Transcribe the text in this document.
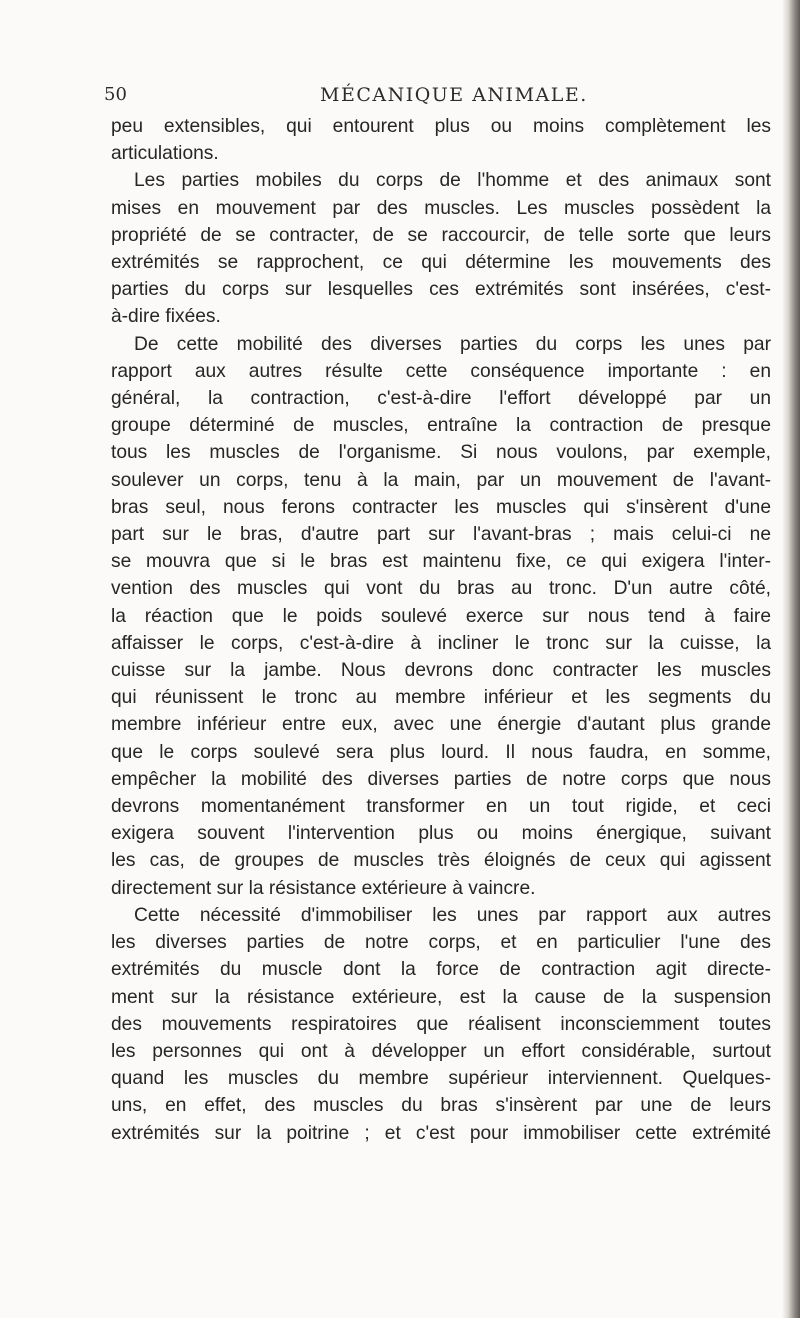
50	MÉCANIQUE ANIMALE.
peu extensibles, qui entourent plus ou moins complètement les
articulations.
Les parties mobiles du corps de l'homme et des animaux sont
mises en mouvement par des muscles. Les muscles possèdent la
propriété de se contracter, de se raccourcir, de telle sorte que leurs
extrémités se rapprochent, ce qui détermine les mouvements des
parties du corps sur lesquelles ces extrémités sont insérées, c'est-
à-dire fixées.
De cette mobilité des diverses parties du corps les unes par
rapport aux autres résulte cette conséquence importante : en
général, la contraction, c'est-à-dire l'effort développé par un
groupe déterminé de muscles, entraîne la contraction de presque
tous les muscles de l'organisme. Si nous voulons, par exemple,
soulever un corps, tenu à la main, par un mouvement de l'avant-
bras seul, nous ferons contracter les muscles qui s'insèrent d'une
part sur le bras, d'autre part sur l'avant-bras ; mais celui-ci ne
se mouvra que si le bras est maintenu fixe, ce qui exigera l'inter-
vention des muscles qui vont du bras au tronc. D'un autre côté,
la réaction que le poids soulevé exerce sur nous tend à faire
affaisser le corps, c'est-à-dire à incliner le tronc sur la cuisse, la
cuisse sur la jambe. Nous devrons donc contracter les muscles
qui réunissent le tronc au membre inférieur et les segments du
membre inférieur entre eux, avec une énergie d'autant plus grande
que le corps soulevé sera plus lourd. Il nous faudra, en somme,
empêcher la mobilité des diverses parties de notre corps que nous
devrons momentanément transformer en un tout rigide, et ceci
exigera souvent l'intervention plus ou moins énergique, suivant
les cas, de groupes de muscles très éloignés de ceux qui agissent
directement sur la résistance extérieure à vaincre.
Cette nécessité d'immobiliser les unes par rapport aux autres
les diverses parties de notre corps, et en particulier l'une des
extrémités du muscle dont la force de contraction agit directe-
ment sur la résistance extérieure, est la cause de la suspension
des mouvements respiratoires que réalisent inconsciemment toutes
les personnes qui ont à développer un effort considérable, surtout
quand les muscles du membre supérieur interviennent. Quelques-
uns, en effet, des muscles du bras s'insèrent par une de leurs
extrémités sur la poitrine ; et c'est pour immobiliser cette extrémité
